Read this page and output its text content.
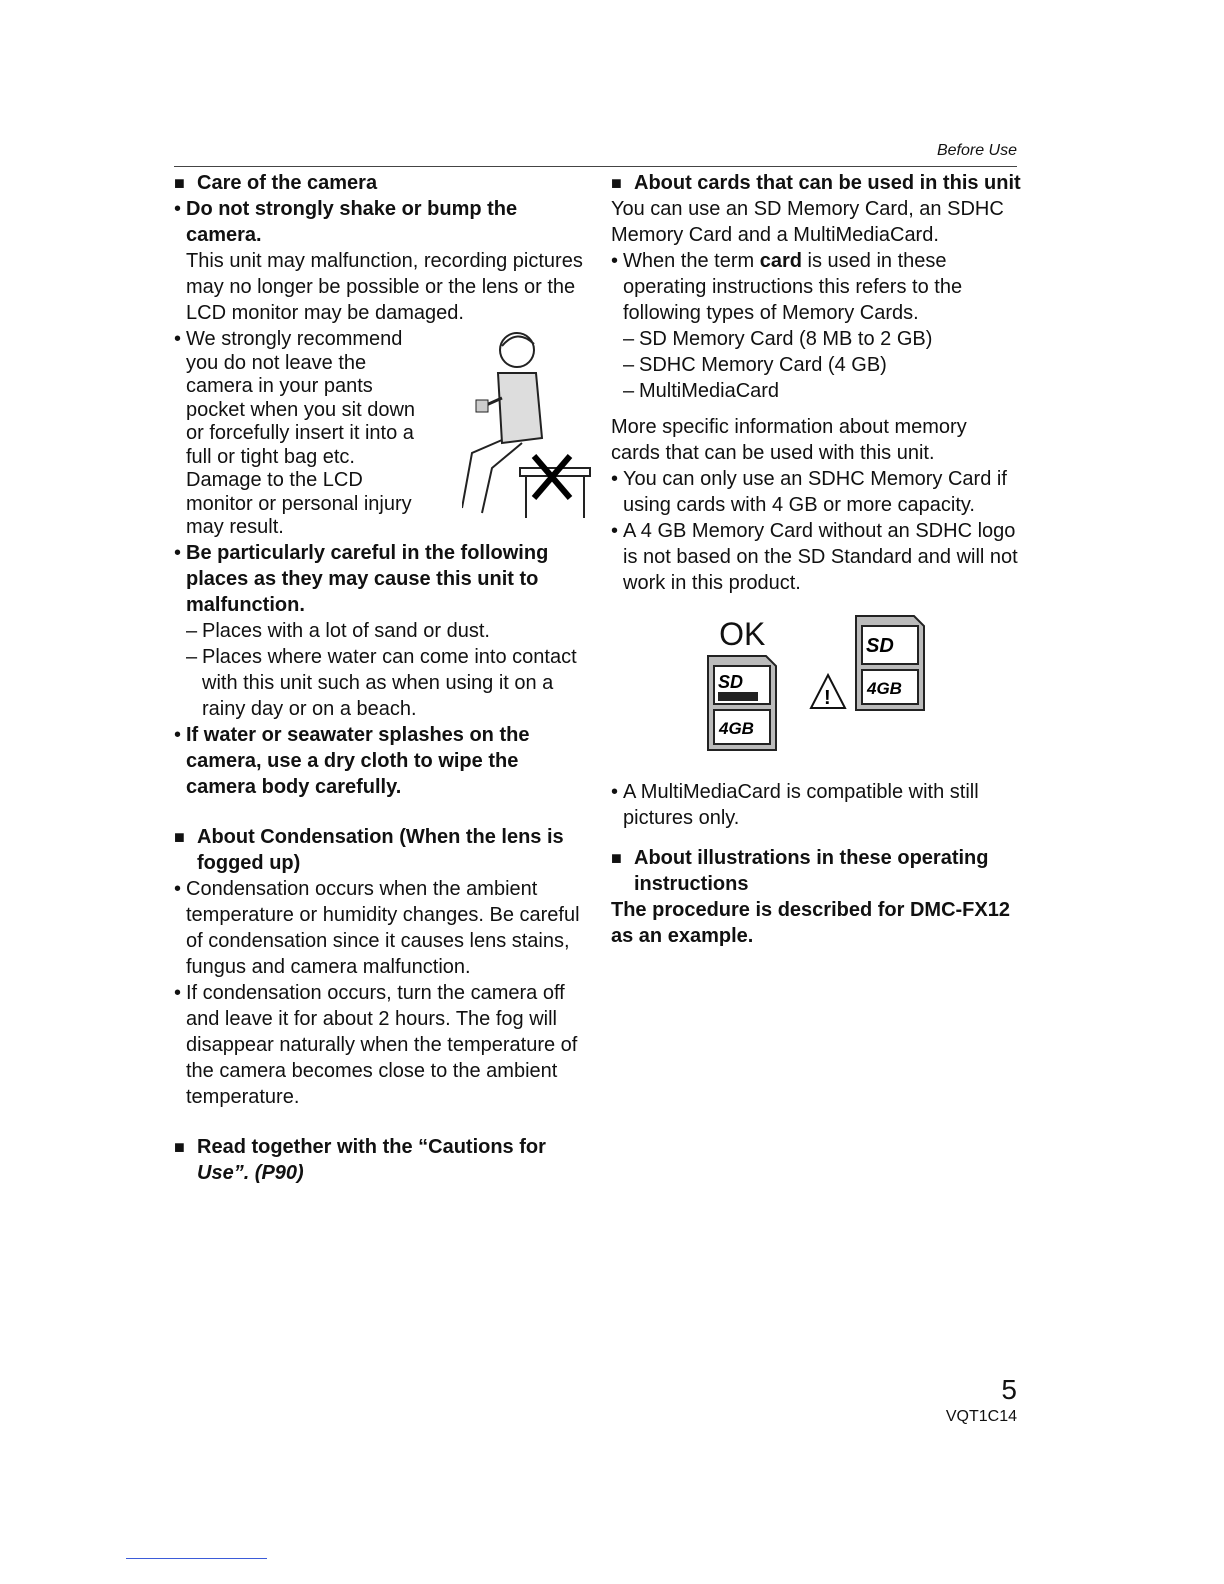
Before Use
■
Care of the camera
•
Do not strongly shake or bump the camera.

This unit may malfunction, recording pictures may no longer be possible or the lens or the LCD monitor may be damaged.

•
We strongly recommend you do not leave the camera in your pants pocket when you sit down or forcefully insert it into a full or tight bag etc. Damage to the LCD monitor or personal injury may result.
•
Be particularly careful in the following places as they may cause this unit to malfunction.
–
Places with a lot of sand or dust.
–
Places where water can come into contact with this unit such as when using it on a rainy day or on a beach.
•
If water or seawater splashes on the camera, use a dry cloth to wipe the camera body carefully.
■
About Condensation (When the lens is fogged up)
•
Condensation occurs when the ambient temperature or humidity changes. Be careful of condensation since it causes lens stains, fungus and camera malfunction.
•
If condensation occurs, turn the camera off and leave it for about 2 hours. The fog will disappear naturally when the temperature of the camera becomes close to the ambient temperature.
■
Read together with the “Cautions for Use”. (P90)
■
About cards that can be used in this unit

You can use an SD Memory Card, an SDHC Memory Card and a MultiMediaCard.

•
When the term card is used in these operating instructions this refers to the following types of Memory Cards.
–
SD Memory Card (8 MB to 2 GB)
–
SDHC Memory Card (4 GB)
–
MultiMediaCard

More specific information about memory cards that can be used with this unit.

•
You can only use an SDHC Memory Card if using cards with 4 GB or more capacity.
•
A 4 GB Memory Card without an SDHC logo is not based on the SD Standard and will not work in this product.
OK
SD
4GB
!

SD
4GB
•
A MultiMediaCard is compatible with still pictures only.
■
About illustrations in these operating instructions

The procedure is described for DMC-FX12 as an example.

5
VQT1C14
